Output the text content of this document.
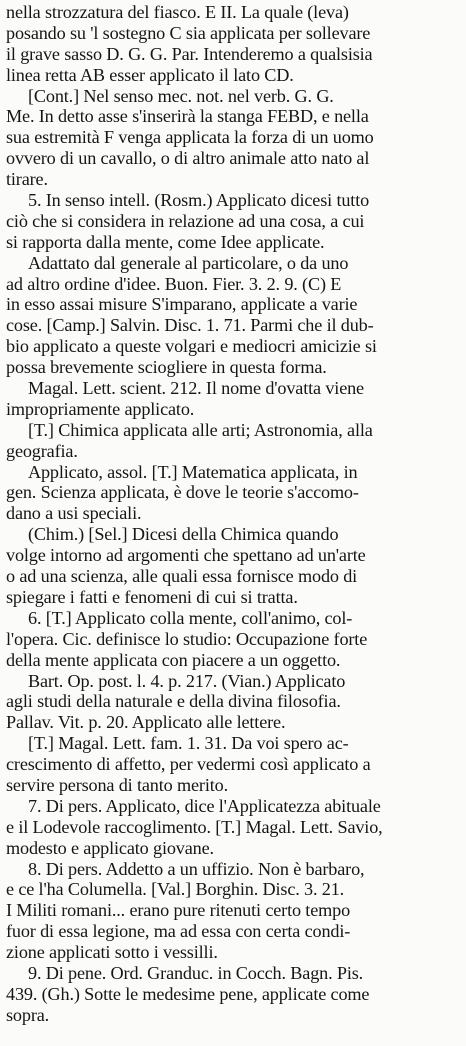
nella strozzatura del fiasco. E II. La quale (leva)
posando su 'l sostegno C sia applicata per sollevare
il grave sasso D. G. G. Par. Intenderemo a qualsisia
linea retta AB esser applicato il lato CD.
[Cont.] Nel senso mec. not. nel verb. G. G.
Me. In detto asse s'inserirà la stanga FEBD, e nella
sua estremità F venga applicata la forza di un uomo
ovvero di un cavallo, o di altro animale atto nato al
tirare.
5. In senso intell. (Rosm.) Applicato dicesi tutto
ciò che si considera in relazione ad una cosa, a cui
si rapporta dalla mente, come Idee applicate.
Adattato dal generale al particolare, o da uno
ad altro ordine d'idee. Buon. Fier. 3. 2. 9. (C) E
in esso assai misure S'imparano, applicate a varie
cose. [Camp.] Salvin. Disc. 1. 71. Parmi che il dub-
bio applicato a queste volgari e mediocri amicizie si
possa brevemente sciogliere in questa forma.
Magal. Lett. scient. 212. Il nome d'ovatta viene
impropriamente applicato.
[T.] Chimica applicata alle arti; Astronomia, alla
geografia.
Applicato, assol. [T.] Matematica applicata, in
gen. Scienza applicata, è dove le teorie s'accomo-
dano a usi speciali.
(Chim.) [Sel.] Dicesi della Chimica quando
volge intorno ad argomenti che spettano ad un'arte
o ad una scienza, alle quali essa fornisce modo di
spiegare i fatti e fenomeni di cui si tratta.
6. [T.] Applicato colla mente, coll'animo, col-
l'opera. Cic. definisce lo studio: Occupazione forte
della mente applicata con piacere a un oggetto.
Bart. Op. post. l. 4. p. 217. (Vian.) Applicato
agli studi della naturale e della divina filosofia.
Pallav. Vit. p. 20. Applicato alle lettere.
[T.] Magal. Lett. fam. 1. 31. Da voi spero ac-
crescimento di affetto, per vedermi così applicato a
servire persona di tanto merito.
7. Di pers. Applicato, dice l'Applicatezza abituale
e il Lodevole raccoglimento. [T.] Magal. Lett. Savio,
modesto e applicato giovane.
8. Di pers. Addetto a un uffizio. Non è barbaro,
e ce l'ha Columella. [Val.] Borghin. Disc. 3. 21.
I Militi romani... erano pure ritenuti certo tempo
fuor di essa legione, ma ad essa con certa condi-
zione applicati sotto i vessilli.
9. Di pene. Ord. Granduc. in Cocch. Bagn. Pis.
439. (Gh.) Sotte le medesime pene, applicate come
sopra.
